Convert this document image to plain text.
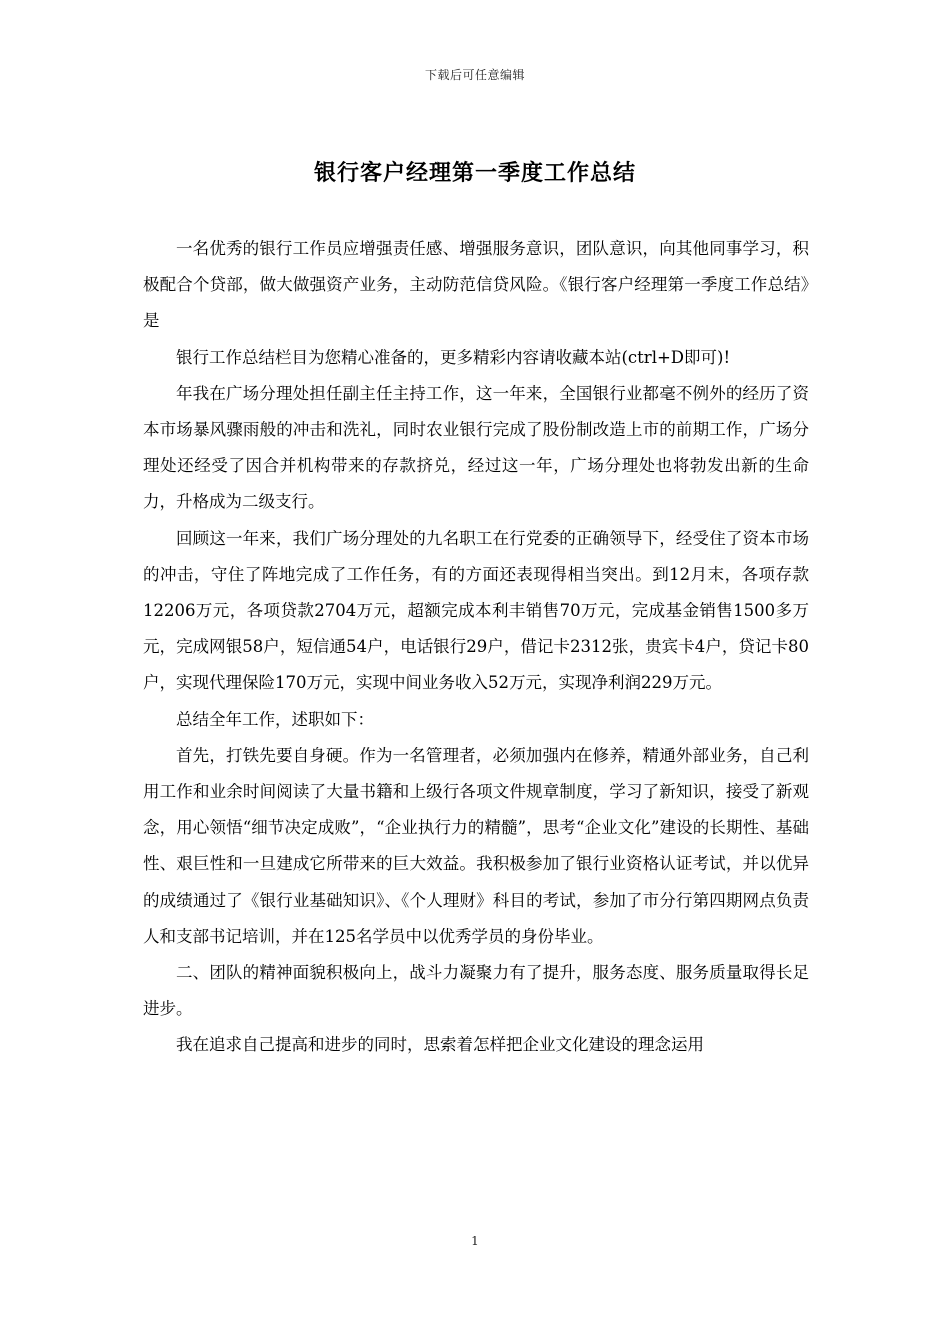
下载后可任意编辑
银行客户经理第一季度工作总结

一名优秀的银行工作员应增强责任感、增强服务意识，团队意识，向其他同事学习，积极配合个贷部，做大做强资产业务，主动防范信贷风险。《银行客户经理第一季度工作总结》是

银行工作总结栏目为您精心准备的，更多精彩内容请收藏本站(ctrl+D即可)!

年我在广场分理处担任副主任主持工作，这一年来，全国银行业都毫不例外的经历了资本市场暴风骤雨般的冲击和洗礼，同时农业银行完成了股份制改造上市的前期工作，广场分理处还经受了因合并机构带来的存款挤兑，经过这一年，广场分理处也将勃发出新的生命力，升格成为二级支行。

回顾这一年来，我们广场分理处的九名职工在行党委的正确领导下，经受住了资本市场的冲击，守住了阵地完成了工作任务，有的方面还表现得相当突出。到12月末，各项存款12206万元，各项贷款2704万元，超额完成本利丰销售70万元，完成基金销售1500多万元，完成网银58户，短信通54户，电话银行29户，借记卡2312张，贵宾卡4户，贷记卡80户，实现代理保险170万元，实现中间业务收入52万元，实现净利润229万元。

总结全年工作，述职如下：

首先，打铁先要自身硬。作为一名管理者，必须加强内在修养，精通外部业务，自己利用工作和业余时间阅读了大量书籍和上级行各项文件规章制度，学习了新知识，接受了新观念，用心领悟“细节决定成败”，“企业执行力的精髓”，思考“企业文化”建设的长期性、基础性、艰巨性和一旦建成它所带来的巨大效益。我积极参加了银行业资格认证考试，并以优异的成绩通过了《银行业基础知识》、《个人理财》科目的考试，参加了市分行第四期网点负责人和支部书记培训，并在125名学员中以优秀学员的身份毕业。

二、团队的精神面貌积极向上，战斗力凝聚力有了提升，服务态度、服务质量取得长足进步。

我在追求自己提高和进步的同时，思索着怎样把企业文化建设的理念运用

1
